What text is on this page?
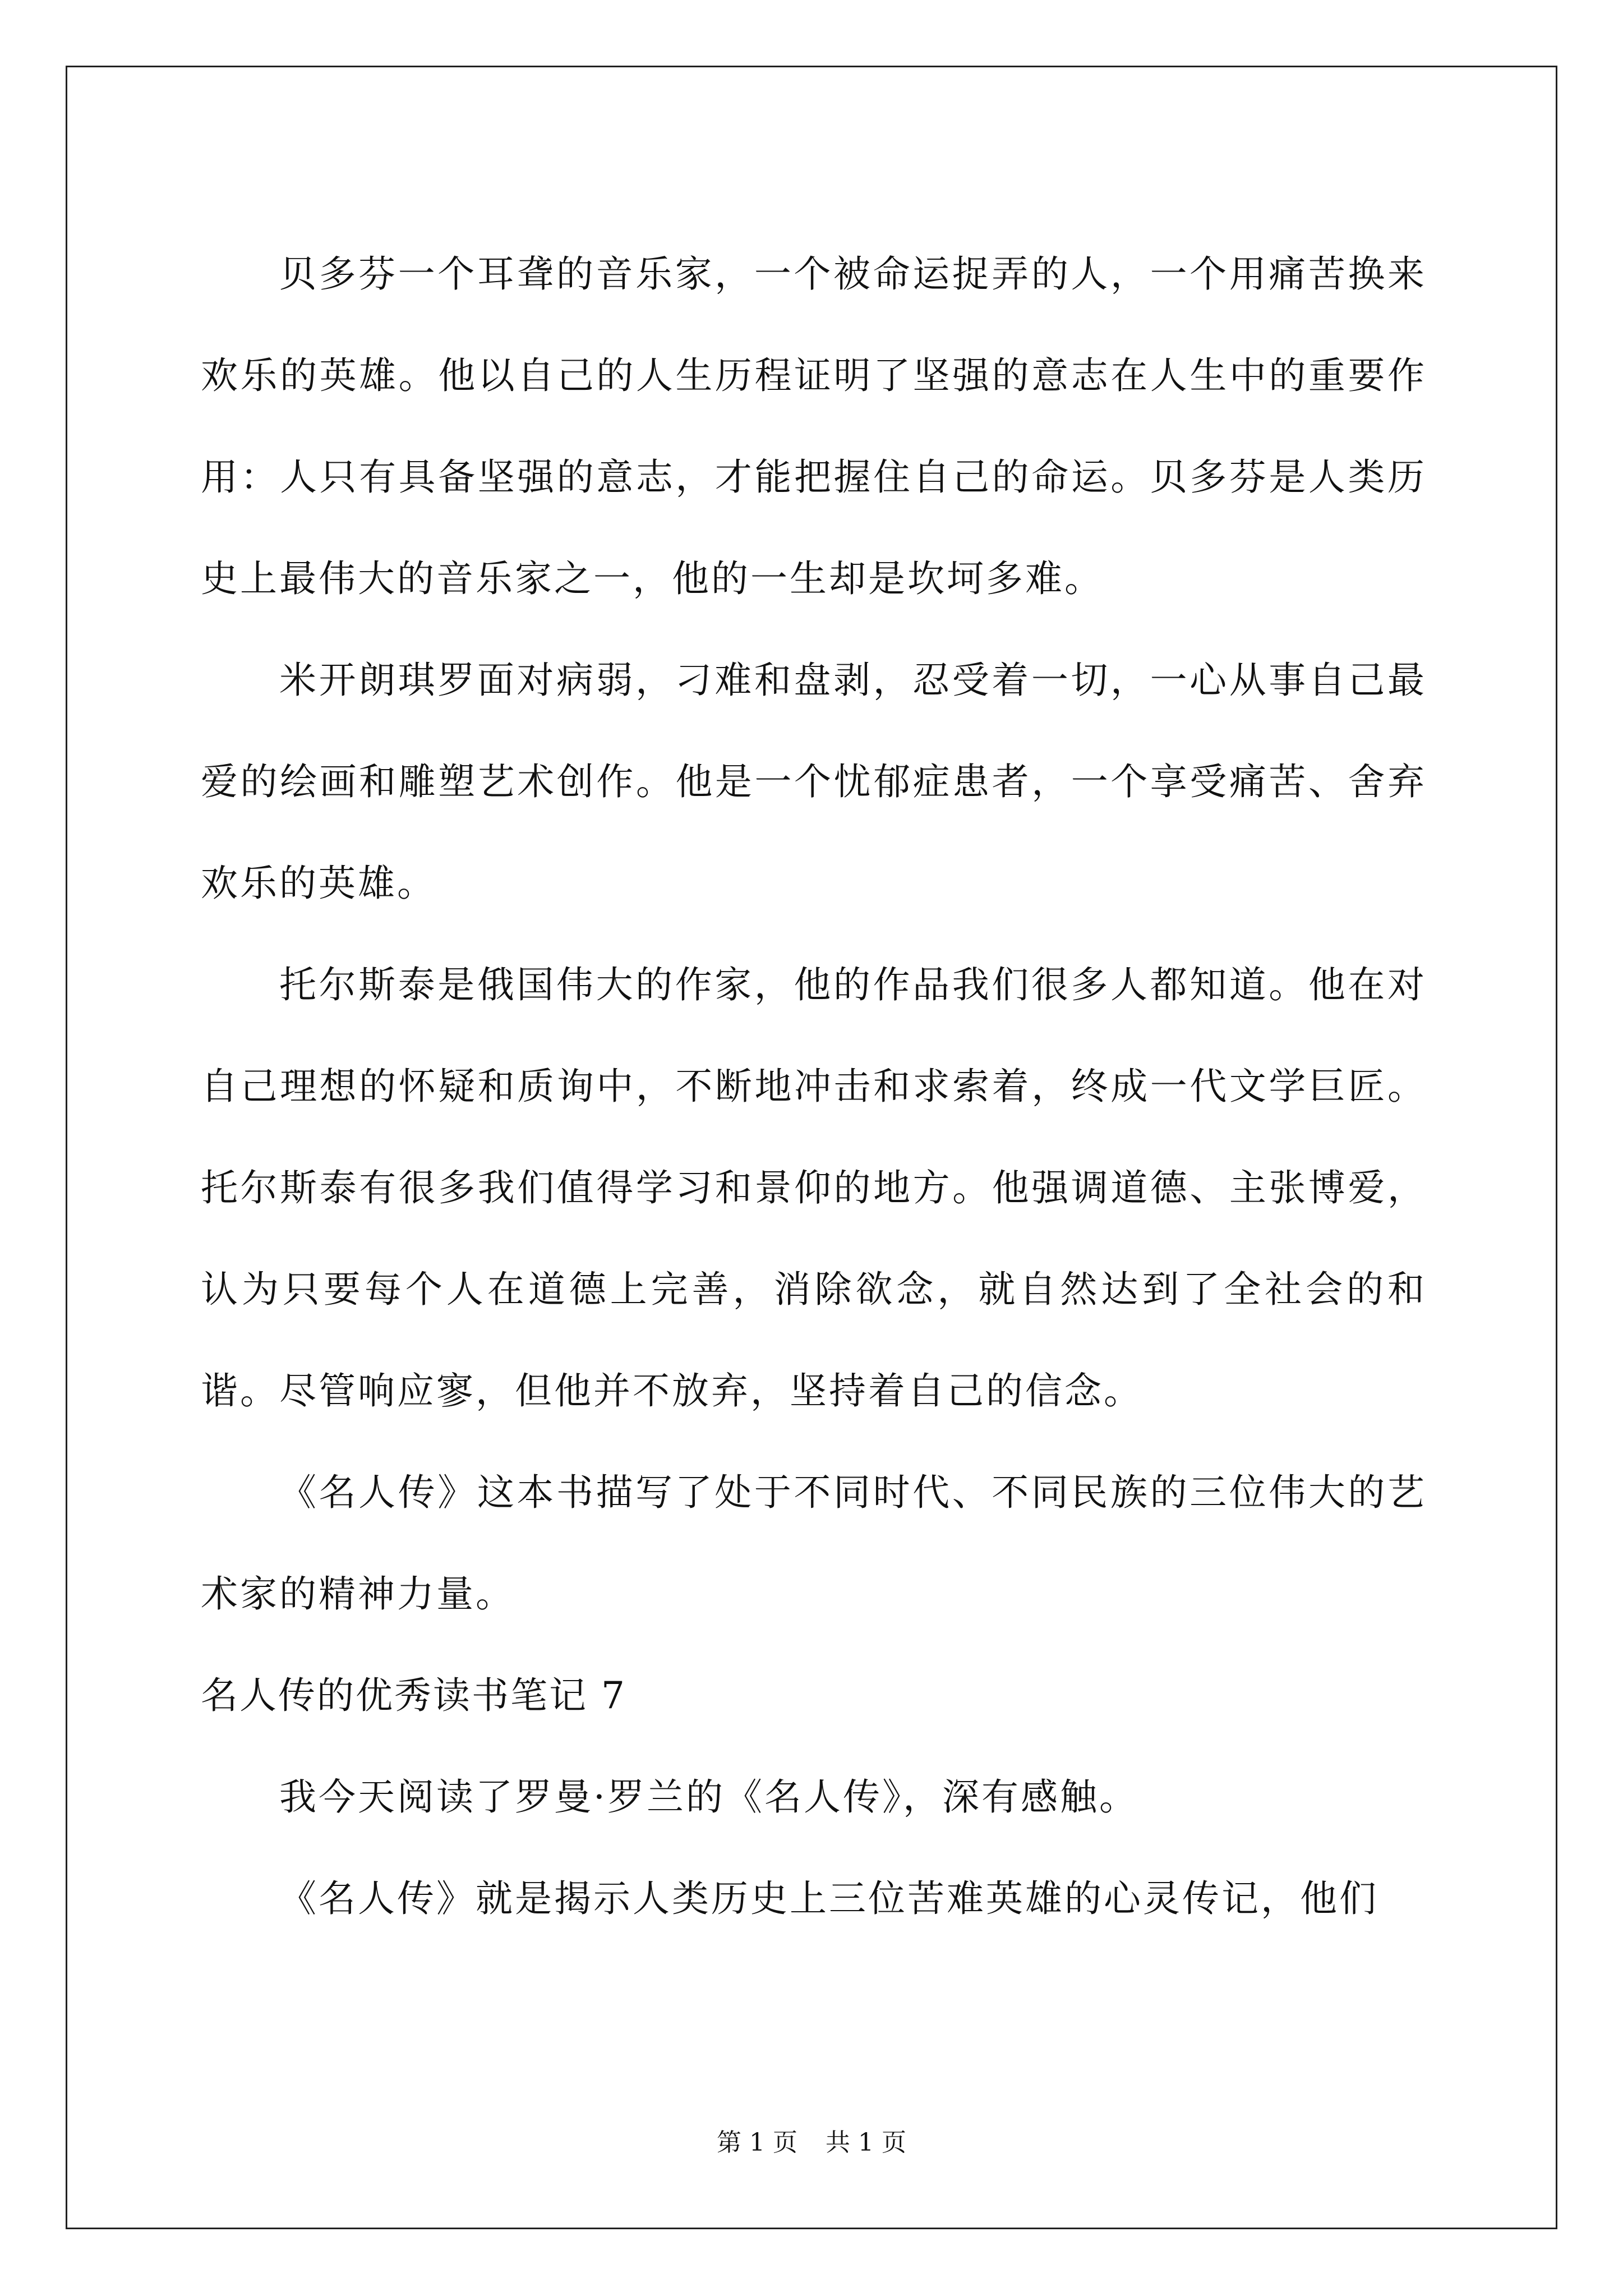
贝多芬一个耳聋的音乐家，一个被命运捉弄的人，一个用痛苦换来欢乐的英雄。他以自己的人生历程证明了坚强的意志在人生中的重要作用：人只有具备坚强的意志，才能把握住自己的命运。贝多芬是人类历史上最伟大的音乐家之一，他的一生却是坎坷多难。

米开朗琪罗面对病弱，刁难和盘剥，忍受着一切，一心从事自己最爱的绘画和雕塑艺术创作。他是一个忧郁症患者，一个享受痛苦、舍弃欢乐的英雄。

托尔斯泰是俄国伟大的作家，他的作品我们很多人都知道。他在对自己理想的怀疑和质询中，不断地冲击和求索着，终成一代文学巨匠。托尔斯泰有很多我们值得学习和景仰的地方。他强调道德、主张博爱，认为只要每个人在道德上完善，消除欲念，就自然达到了全社会的和谐。尽管响应寥，但他并不放弃，坚持着自己的信念。

《名人传》这本书描写了处于不同时代、不同民族的三位伟大的艺术家的精神力量。

名人传的优秀读书笔记 7

我今天阅读了罗曼·罗兰的《名人传》，深有感触。

《名人传》就是揭示人类历史上三位苦难英雄的心灵传记，他们

第 1 页 共 1 页
